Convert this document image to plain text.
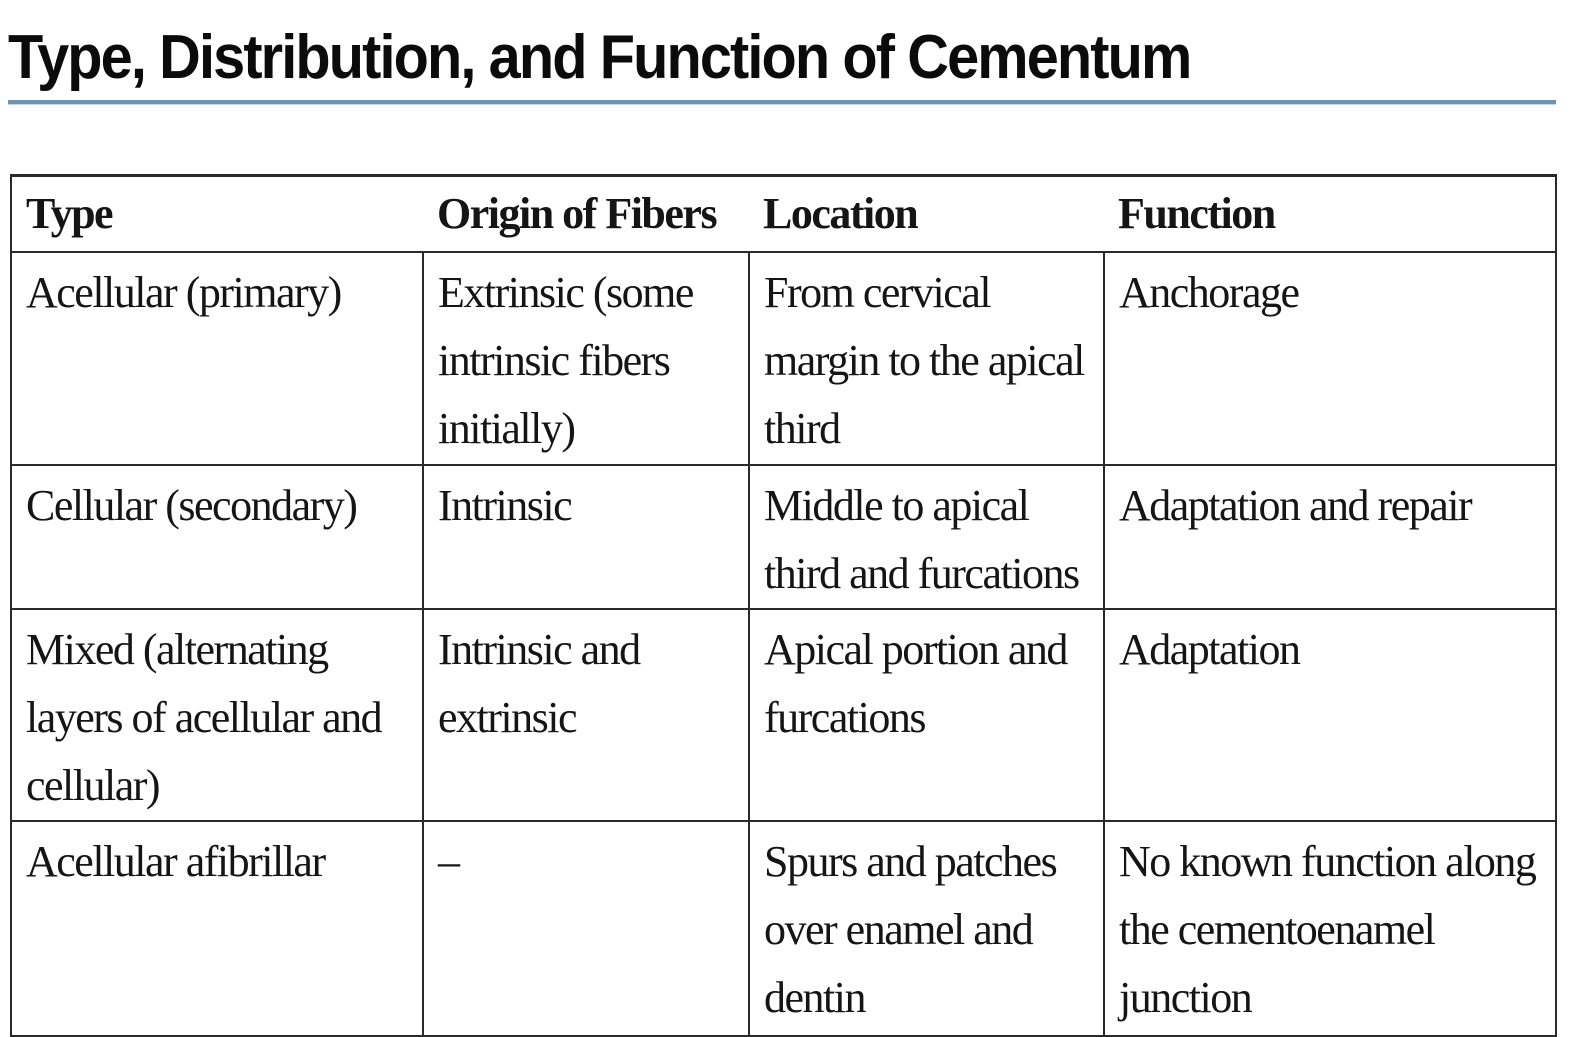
Type, Distribution, and Function of Cementum
Type	Origin of Fibers	Location	Function
Acellular (primary)	Extrinsic (some intrinsic fibers initially)	From cervical margin to the apical third	Anchorage
Cellular (secondary)	Intrinsic	Middle to apical third and furcations	Adaptation and repair
Mixed (alternating layers of acellular and cellular)	Intrinsic and extrinsic	Apical portion and furcations	Adaptation
Acellular afibrillar	–	Spurs and patches over enamel and dentin	No known function along the cementoenamel junction
